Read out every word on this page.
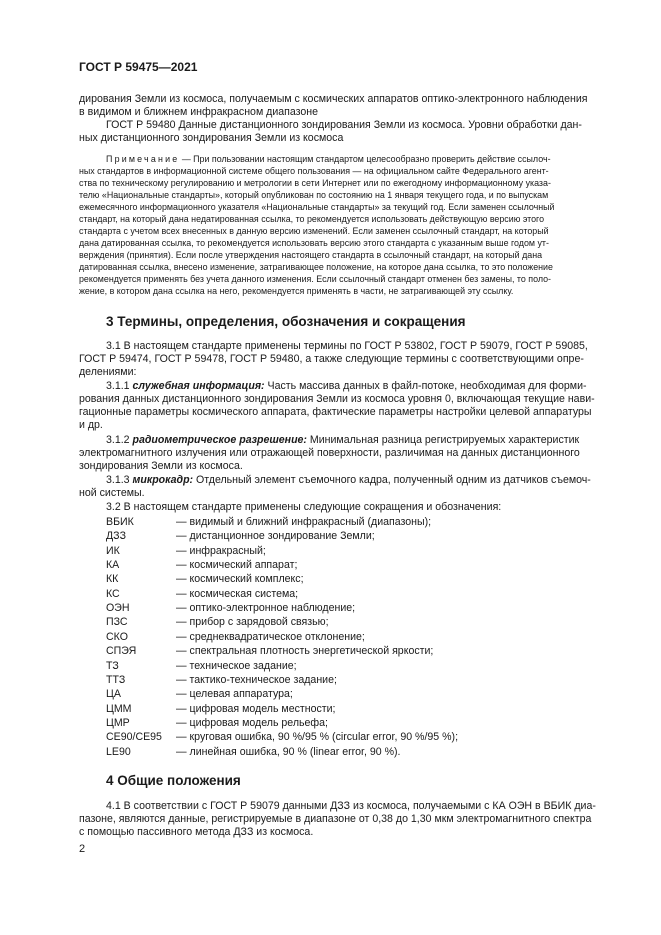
ГОСТ Р 59475—2021
дирования Земли из космоса, получаемым с космических аппаратов оптико-электронного наблюдения
в видимом и ближнем инфракрасном диапазоне
ГОСТ Р 59480 Данные дистанционного зондирования Земли из космоса. Уровни обработки дан-
ных дистанционного зондирования Земли из космоса
Примечание — При пользовании настоящим стандартом целесообразно проверить действие ссылоч-
ных стандартов в информационной системе общего пользования — на официальном сайте Федерального агент-
ства по техническому регулированию и метрологии в сети Интернет или по ежегодному информационному указа-
телю «Национальные стандарты», который опубликован по состоянию на 1 января текущего года, и по выпускам
ежемесячного информационного указателя «Национальные стандарты» за текущий год. Если заменен ссылочный
стандарт, на который дана недатированная ссылка, то рекомендуется использовать действующую версию этого
стандарта с учетом всех внесенных в данную версию изменений. Если заменен ссылочный стандарт, на который
дана датированная ссылка, то рекомендуется использовать версию этого стандарта с указанным выше годом ут-
верждения (принятия). Если после утверждения настоящего стандарта в ссылочный стандарт, на который дана
датированная ссылка, внесено изменение, затрагивающее положение, на которое дана ссылка, то это положение
рекомендуется применять без учета данного изменения. Если ссылочный стандарт отменен без замены, то поло-
жение, в котором дана ссылка на него, рекомендуется применять в части, не затрагивающей эту ссылку.
3 Термины, определения, обозначения и сокращения
3.1 В настоящем стандарте применены термины по ГОСТ Р 53802, ГОСТ Р 59079, ГОСТ Р 59085,
ГОСТ Р 59474, ГОСТ Р 59478, ГОСТ Р 59480, а также следующие термины с соответствующими опре-
делениями:
3.1.1 служебная информация: Часть массива данных в файл-потоке, необходимая для форми-
рования данных дистанционного зондирования Земли из космоса уровня 0, включающая текущие нави-
гационные параметры космического аппарата, фактические параметры настройки целевой аппаратуры
и др.
3.1.2 радиометрическое разрешение: Минимальная разница регистрируемых характеристик
электромагнитного излучения или отражающей поверхности, различимая на данных дистанционного
зондирования Земли из космоса.
3.1.3 микрокадр: Отдельный элемент съемочного кадра, полученный одним из датчиков съемоч-
ной системы.
3.2 В настоящем стандарте применены следующие сокращения и обозначения:
ВБИК	— видимый и ближний инфракрасный (диапазоны);
ДЗЗ	— дистанционное зондирование Земли;
ИК	— инфракрасный;
КА	— космический аппарат;
КК	— космический комплекс;
КС	— космическая система;
ОЭН	— оптико-электронное наблюдение;
ПЗС	— прибор с зарядовой связью;
СКО	— среднеквадратическое отклонение;
СПЭЯ	— спектральная плотность энергетической яркости;
ТЗ	— техническое задание;
ТТЗ	— тактико-техническое задание;
ЦА	— целевая аппаратура;
ЦММ	— цифровая модель местности;
ЦМР	— цифровая модель рельефа;
CE90/CE95 — круговая ошибка, 90 %/95 % (circular error, 90 %/95 %);
LE90	— линейная ошибка, 90 % (linear error, 90 %).
4 Общие положения
4.1 В соответствии с ГОСТ Р 59079 данными ДЗЗ из космоса, получаемыми с КА ОЭН в ВБИК диа-
пазоне, являются данные, регистрируемые в диапазоне от 0,38 до 1,30 мкм электромагнитного спектра
с помощью пассивного метода ДЗЗ из космоса.
2
